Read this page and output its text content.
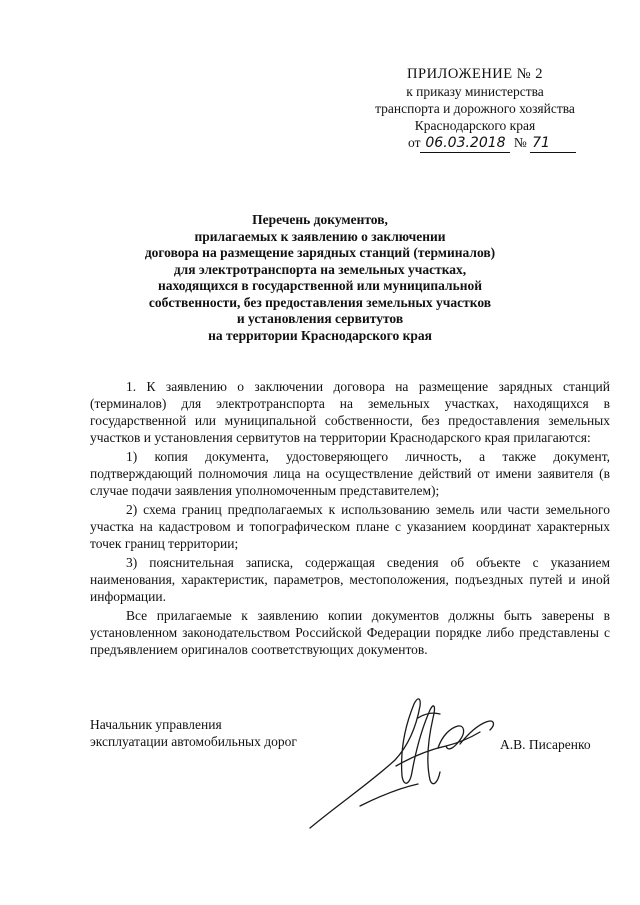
ПРИЛОЖЕНИЕ № 2
к приказу министерства
транспорта и дорожного хозяйства
Краснодарского края
от 06.03.2018 № 71
Перечень документов,
прилагаемых к заявлению о заключении
договора на размещение зарядных станций (терминалов)
для электротранспорта на земельных участках,
находящихся в государственной или муниципальной
собственности, без предоставления земельных участков
и установления сервитутов
на территории Краснодарского края

1. К заявлению о заключении договора на размещение зарядных станций (терминалов) для электротранспорта на земельных участках, находящихся в государственной или муниципальной собственности, без предоставления земельных участков и установления сервитутов на территории Краснодарского края прилагаются:

1) копия документа, удостоверяющего личность, а также документ, подтверждающий полномочия лица на осуществление действий от имени заявителя (в случае подачи заявления уполномоченным представителем);

2) схема границ предполагаемых к использованию земель или части земельного участка на кадастровом и топографическом плане с указанием координат характерных точек границ территории;

3) пояснительная записка, содержащая сведения об объекте с указанием наименования, характеристик, параметров, местоположения, подъездных путей и иной информации.

Все прилагаемые к заявлению копии документов должны быть заверены в установленном законодательством Российской Федерации порядке либо представлены с предъявлением оригиналов соответствующих документов.

Начальник управления
эксплуатации автомобильных дорог	А.В. Писаренко
